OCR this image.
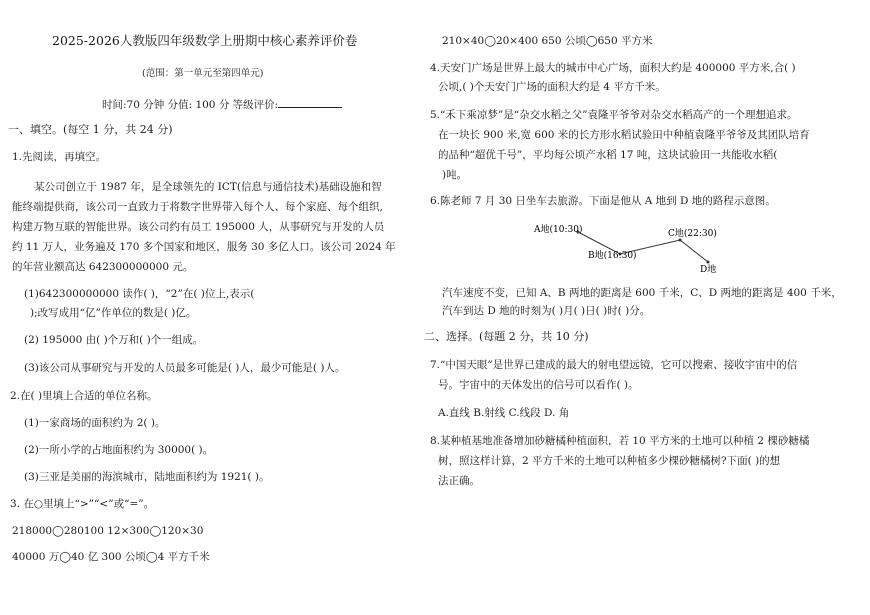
2025-2026人教版四年级数学上册期中核心素养评价卷
(范围：第一单元至第四单元)
时间:70 分钟 分值: 100 分 等级评价:
一、填空。(每空 1 分，共 24 分)
1.先阅读，再填空。
某公司创立于 1987 年，是全球领先的 ICT(信息与通信技术)基础设施和智
能终端提供商，该公司一直致力于将数字世界带入每个人、每个家庭、每个组织,
构建万物互联的智能世界。该公司约有员工 195000 人，从事研究与开发的人员
约 11 万人，业务遍及 170 多个国家和地区，服务 30 多亿人口。该公司 2024 年
的年营业额高达 642300000000 元。
(1)642300000000 读作( )，“2”在( )位上,表示(
);改写成用“亿”作单位的数是( )亿。
(2) 195000 由( )个万和( )个一组成。
(3)该公司从事研究与开发的人员最多可能是( )人，最少可能是( )人。
2.在( )里填上合适的单位名称。
(1)一家商场的面积约为 2( )。
(2)一所小学的占地面积约为 30000( )。
(3)三亚是美丽的海滨城市，陆地面积约为 1921( )。
3. 在○里填上“>”“<”或“=”。
218000◯280100 12×300◯120×30
40000 万◯40 亿 300 公顷◯4 平方千米
210×40◯20×400 650 公顷◯650 平方米
4.天安门广场是世界上最大的城市中心广场，面积大约是 400000 平方米,合( )
公顷,( )个天安门广场的面积大约是 4 平方千米。
5.“禾下乘凉梦”是“杂交水稻之父”袁隆平爷爷对杂交水稻高产的一个理想追求。
在一块长 900 米,宽 600 米的长方形水稻试验田中种植袁隆平爷爷及其团队培育
的品种“超优千号”，平均每公顷产水稻 17 吨，这块试验田一共能收水稻(
)吨。
6.陈老师 7 月 30 日坐车去旅游。下面是他从 A 地到 D 地的路程示意图。
A地(10:30)
B地(16:30)
C地(22:30)
D地
汽车速度不变，已知 A、B 两地的距离是 600 千米，C、D 两地的距离是 400 千米，
汽车到达 D 地的时刻为( )月( )日( )时( )分。
二、选择。(每题 2 分，共 10 分)
7.“中国天眼”是世界已建成的最大的射电望远镜，它可以搜索、接收宇宙中的信
号。宇宙中的天体发出的信号可以看作( )。
A.直线 B.射线 C.线段 D. 角
8.某种植基地准备增加砂糖橘种植面积，若 10 平方米的土地可以种植 2 棵砂糖橘
树，照这样计算，2 平方千米的土地可以种植多少棵砂糖橘树?下面( )的想
法正确。
